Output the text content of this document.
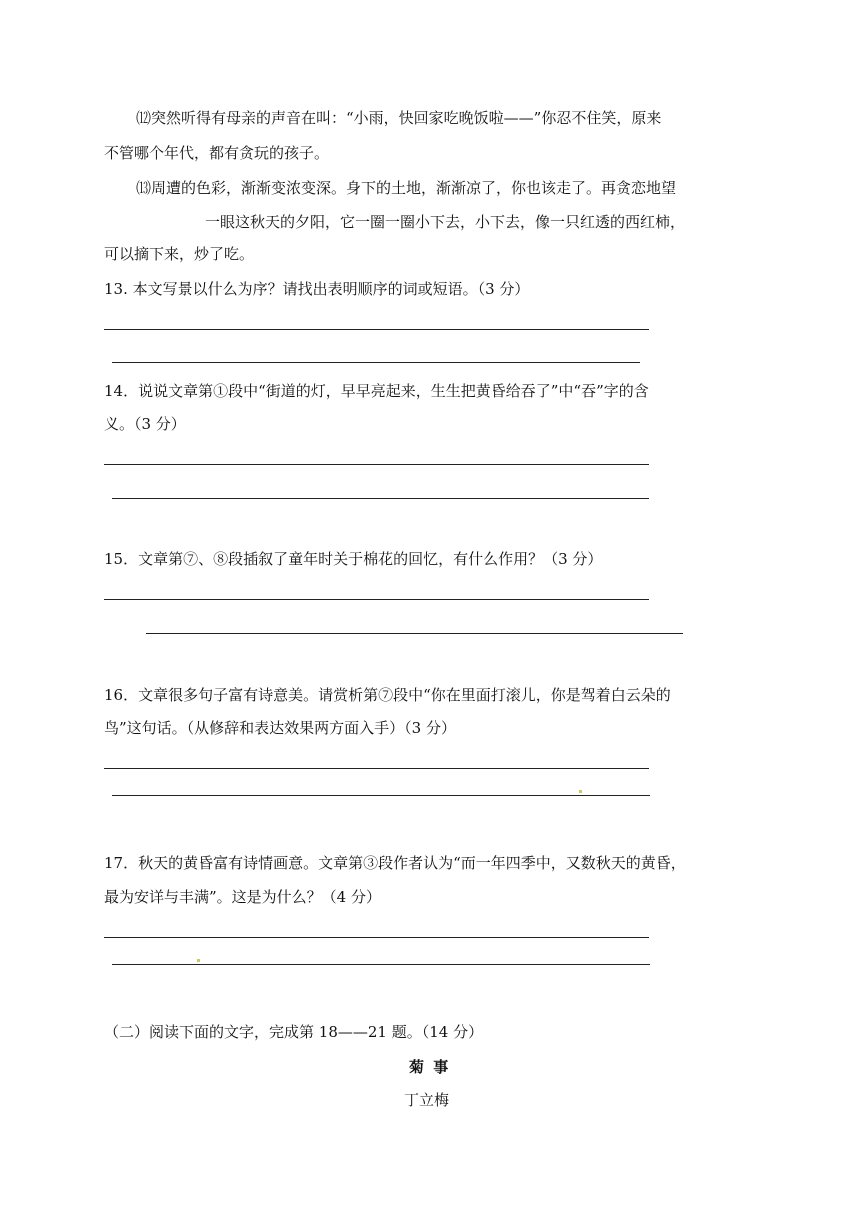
⑿突然听得有母亲的声音在叫：“小雨，快回家吃晚饭啦——”你忍不住笑，原来
不管哪个年代，都有贪玩的孩子。
⒀周遭的色彩，渐渐变浓变深。身下的土地，渐渐凉了，你也该走了。再贪恋地望
一眼这秋天的夕阳，它一圈一圈小下去，小下去，像一只红透的西红柿，
可以摘下来，炒了吃。
13. 本文写景以什么为序？请找出表明顺序的词或短语。（3 分）
14．说说文章第①段中“街道的灯，早早亮起来，生生把黄昏给吞了”中“吞”字的含
义。（3 分）
15．文章第⑦、⑧段插叙了童年时关于棉花的回忆，有什么作用？（3 分）
16．文章很多句子富有诗意美。请赏析第⑦段中“你在里面打滚儿，你是驾着白云朵的
鸟”这句话。（从修辞和表达效果两方面入手）（3 分）
17．秋天的黄昏富有诗情画意。文章第③段作者认为“而一年四季中，又数秋天的黄昏，
最为安详与丰满”。这是为什么？（4 分）
（二）阅读下面的文字，完成第 18——21 题。（14 分）
菊 事
丁立梅
